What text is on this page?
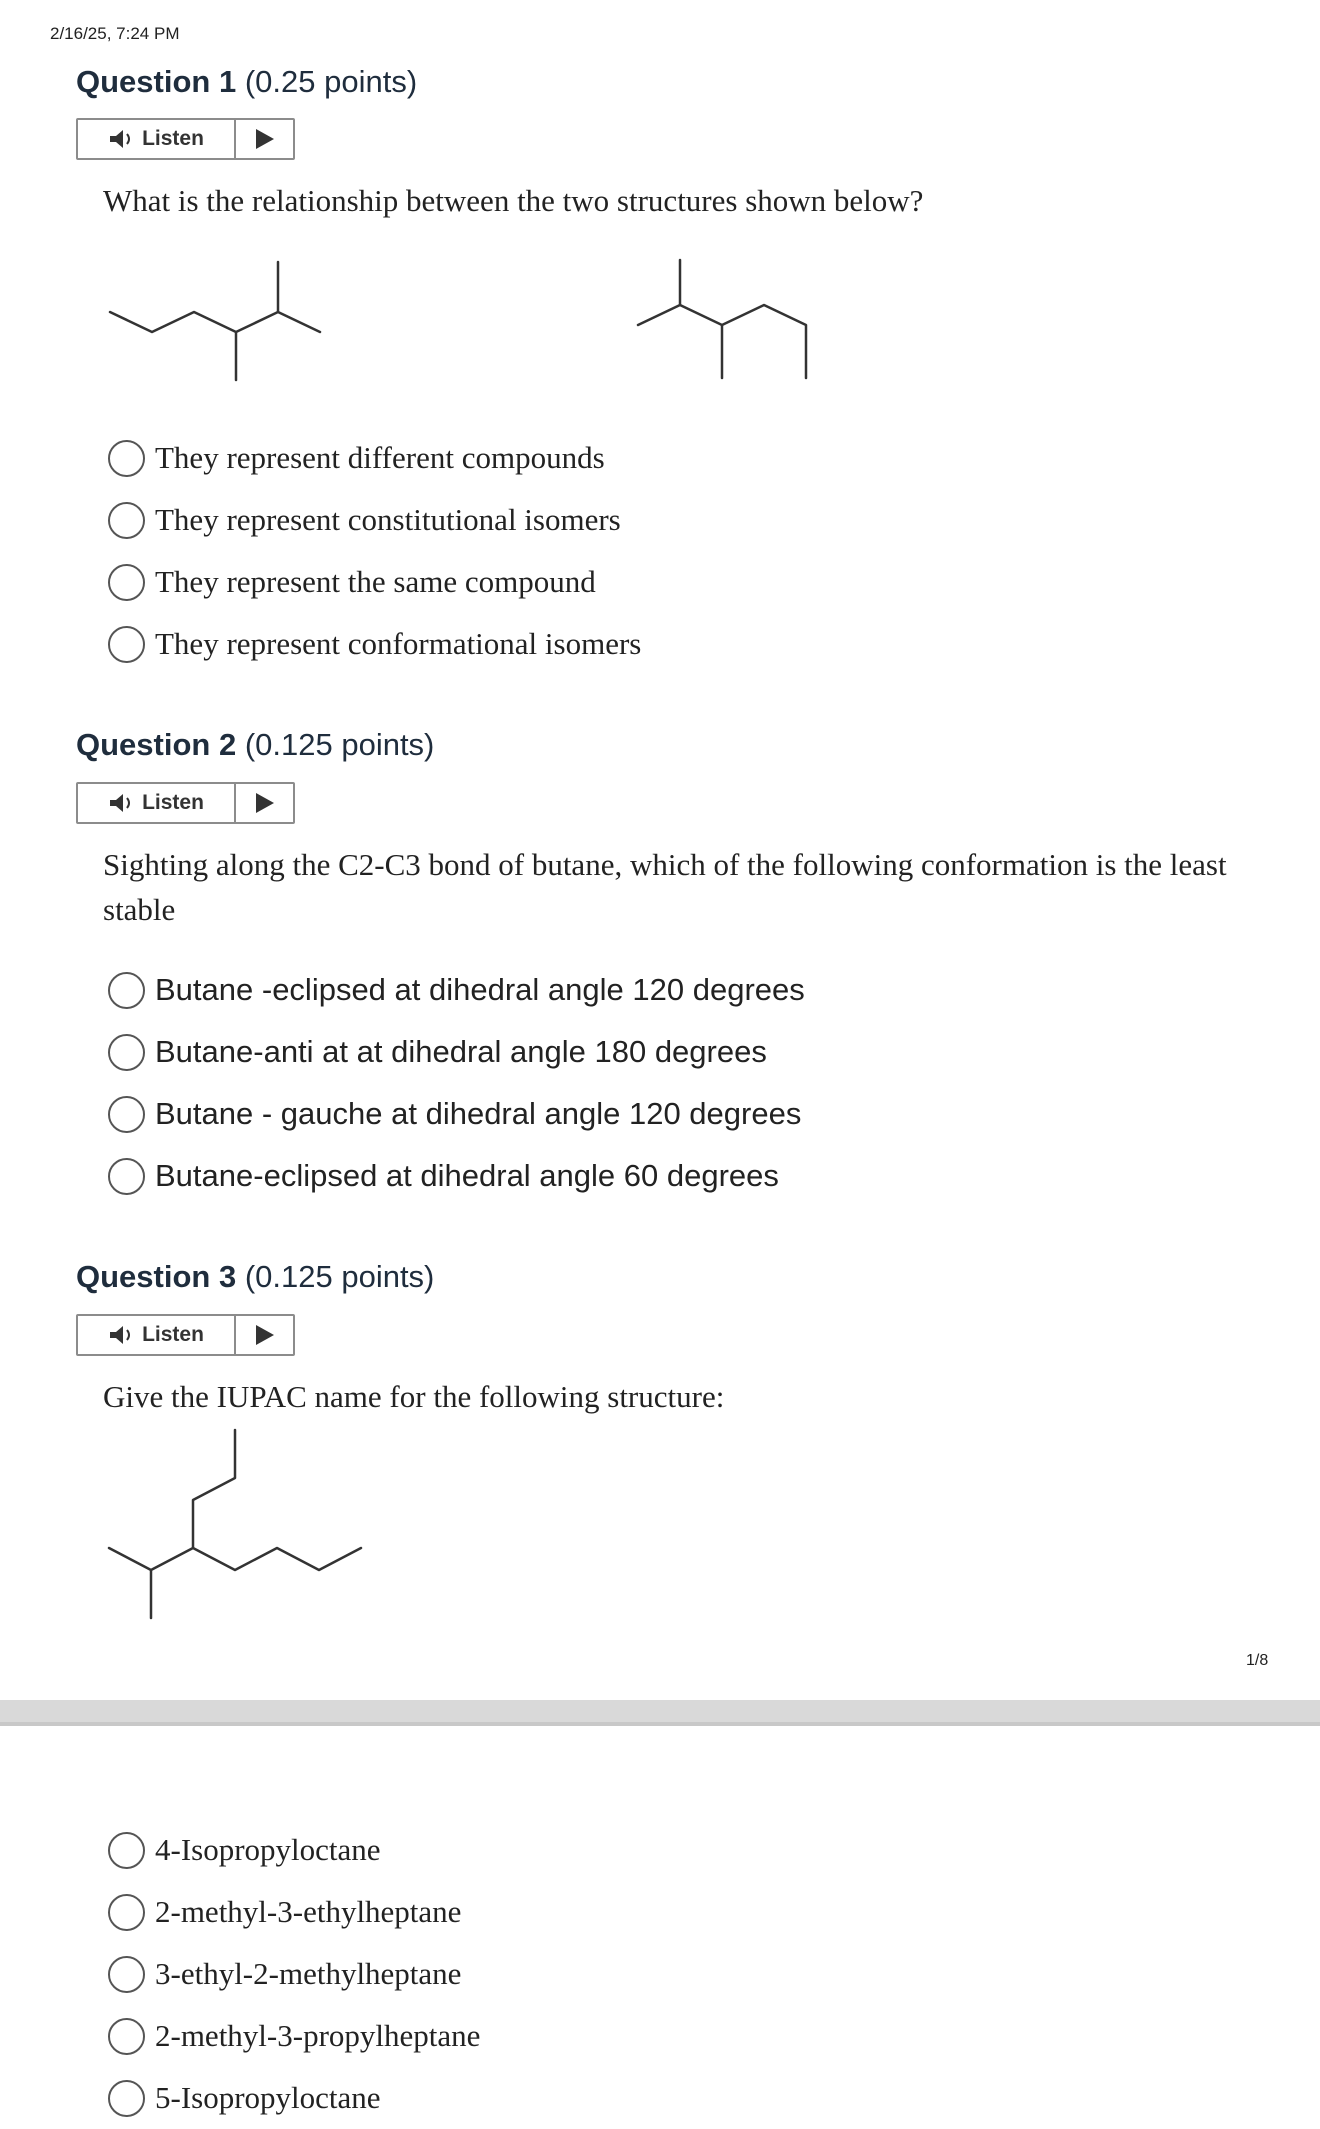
2/16/25, 7:24 PM
Question 1 (0.25 points)
Listen
What is the relationship between the two structures shown below?
They represent different compounds
They represent constitutional isomers
They represent the same compound
They represent conformational isomers
Question 2 (0.125 points)
Listen
Sighting along the C2-C3 bond of butane, which of the following conformation is the least stable
Butane -eclipsed at dihedral angle 120 degrees
Butane-anti at at dihedral angle 180 degrees
Butane - gauche at dihedral angle 120 degrees
Butane-eclipsed at dihedral angle 60 degrees
Question 3 (0.125 points)
Listen
Give the IUPAC name for the following structure:
1/8
4-Isopropyloctane
2-methyl-3-ethylheptane
3-ethyl-2-methylheptane
2-methyl-3-propylheptane
5-Isopropyloctane
